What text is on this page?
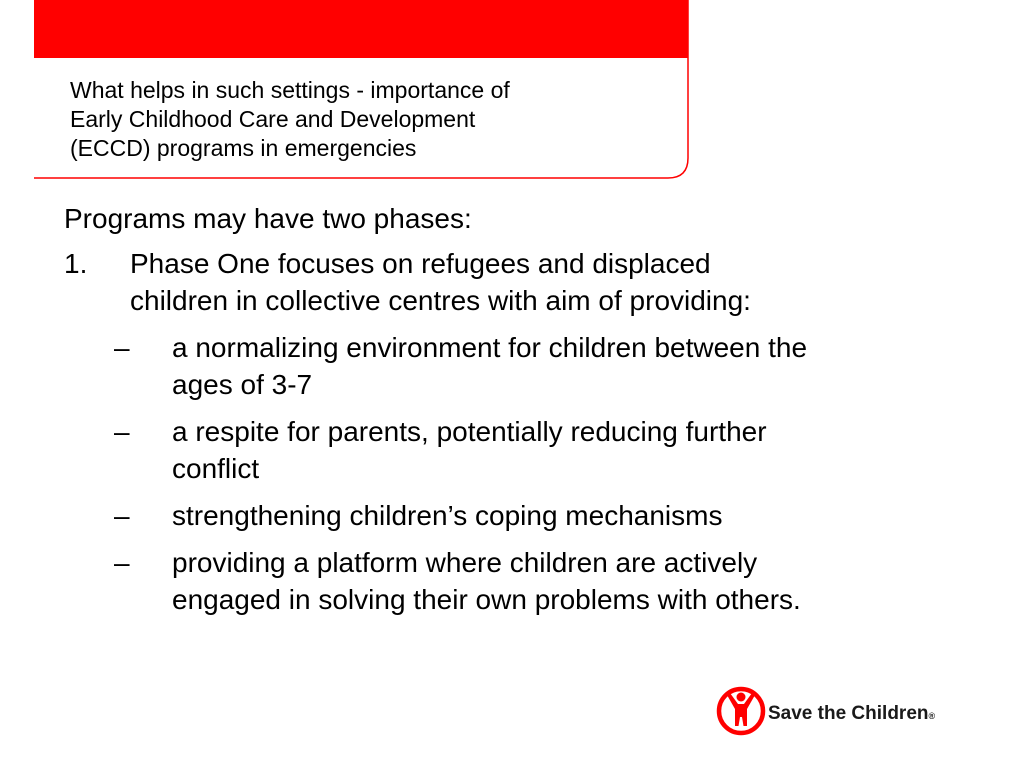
What helps in such settings - importance of
Early Childhood Care and Development
(ECCD) programs in emergencies

Programs may have two phases:

1. Phase One focuses on refugees and displaced
children in collective centres with aim of providing:
– a normalizing environment for children between the
ages of 3-7
– a respite for parents, potentially reducing further
conflict
– strengthening children’s coping mechanisms
– providing a platform where children are actively
engaged in solving their own problems with others.
Save the Children®
